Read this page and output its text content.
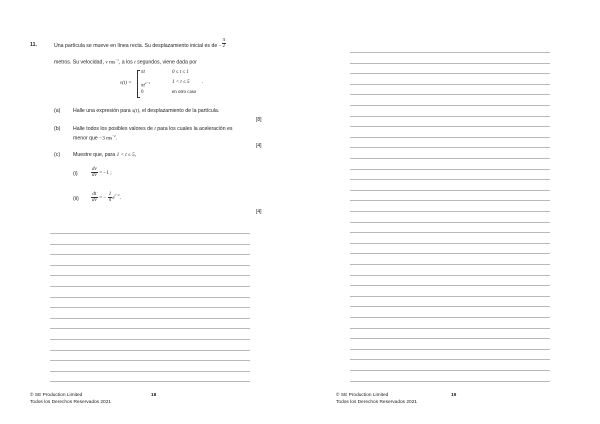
11.	Una partícula se mueve en línea recta. Su desplazamiento inicial es de − $\frac{\pi}{2}$
metros. Su velocidad, v $ms^{-1}$, a los t segundos, viene dada por
v(t) =
πt	0 ≤ t ≤ 1
$\pi t^{2-t}$	1 < t ≤ 5 .
0	en otro caso
(a) Halle una expresión para s(t), el desplazamiento de la partícula.
[8]
(b) Halle todos los posibles valores de t para los cuales la aceleración es
menor que −3 $ms^{-2}$.
[4]
(c) Muestre que, para 1 < t ≤ 5,
(i)	$\frac{dv}{dv} = -1$ ;
$(ii) \frac{dt}{dv}$ = − $\frac{1}{\pi} e^{t-2}$.
[4]
© SE Production Limited
Todos los Derechos Reservados 2021
18	© SE Production Limited
Todos los Derechos Reservados 2021
19
